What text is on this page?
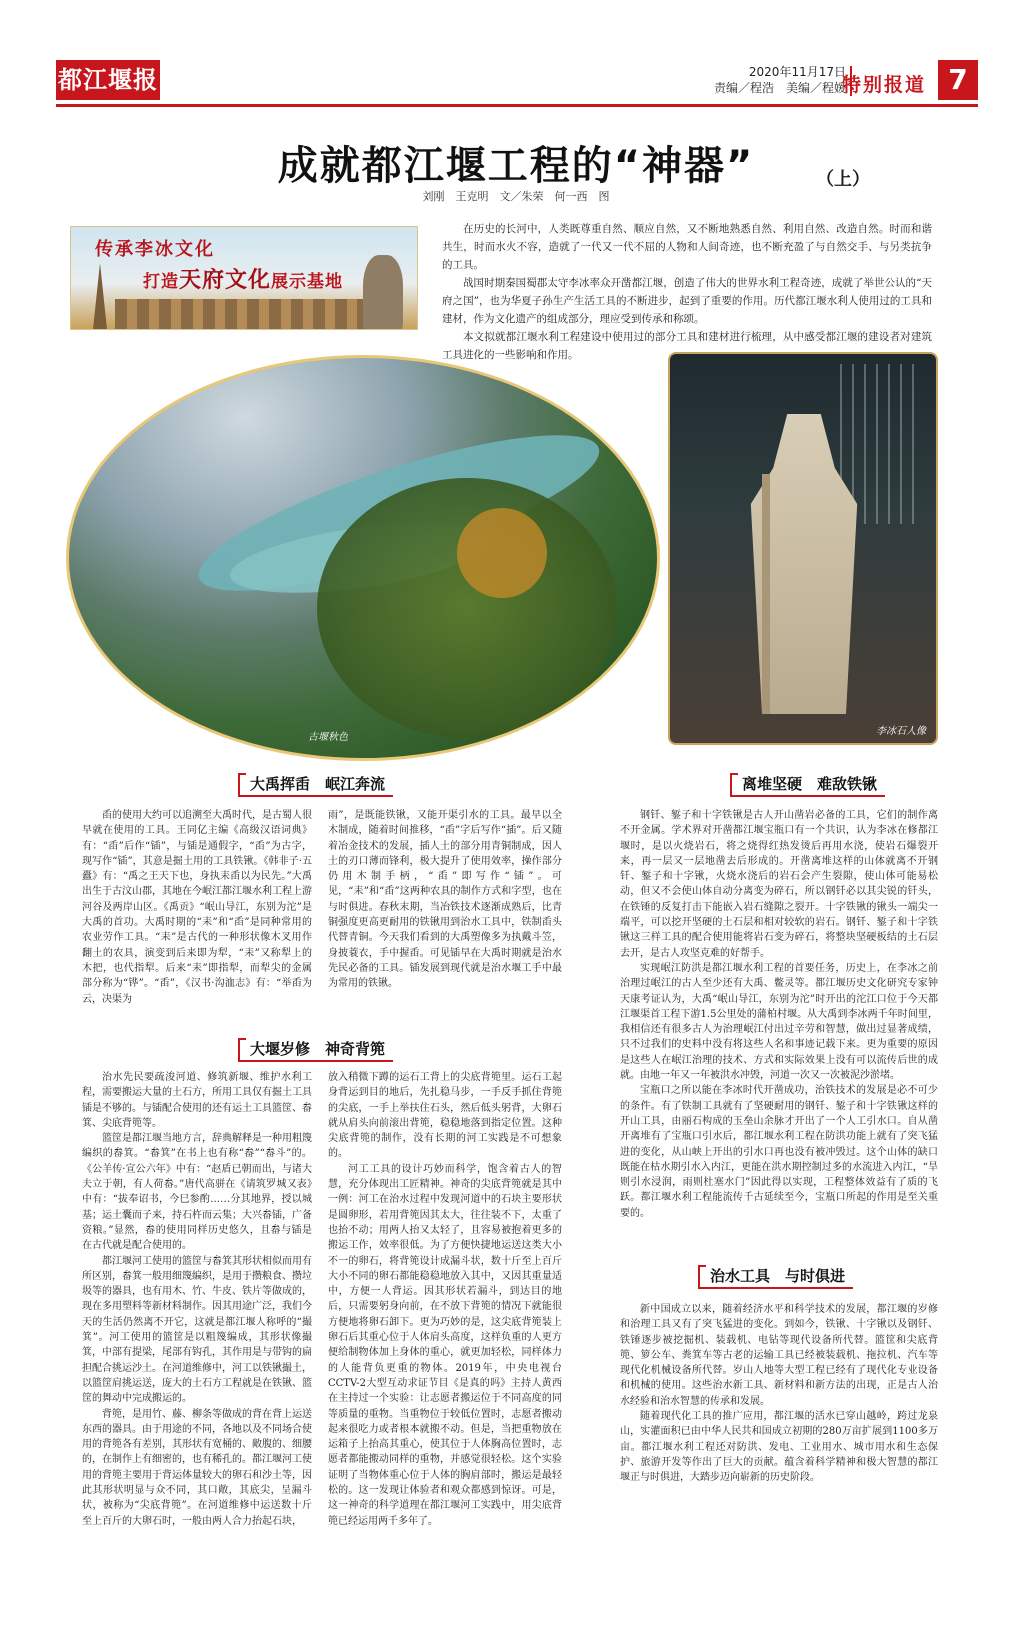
都江堰报	2020年11月17日
责编／程浩　美编／程媛
特别报道 7
成就都江堰工程的“神器”	（上）
刘刚　王克明　文／朱荣　何一西　图
传承李冰文化
打造天府文化展示基地

在历史的长河中，人类既尊重自然、顺应自然，又不断地熟悉自然、利用自然、改造自然。时而和谐共生，时而水火不容，造就了一代又一代不屈的人物和人间奇迹，也不断充盈了与自然交手、与另类抗争的工具。

战国时期秦国蜀郡太守李冰率众开凿都江堰，创造了伟大的世界水利工程奇迹，成就了举世公认的“天府之国”，也为华夏子孙生产生活工具的不断进步，起到了重要的作用。历代都江堰水利人使用过的工具和建材，作为文化遗产的组成部分，理应受到传承和称颂。

本文拟就都江堰水利工程建设中使用过的部分工具和建材进行梳理，从中感受都江堰的建设者对建筑工具进化的一些影响和作用。

古堰秋色
李冰石人像
大禹挥臿　岷江奔流
大堰岁修　神奇背篼
离堆坚硬　难敌铁锹
治水工具　与时俱进

臿的使用大约可以追溯至大禹时代，是古蜀人很早就在使用的工具。王同亿主编《高级汉语词典》有：“臿”后作“锸”，与锸是通假字，“臿”为古字，现写作“锸”，其意是掘土用的工具铁锹。《韩非子·五蠹》有：“禹之王天下也，身执耒臿以为民先。”大禹出生于古汶山郡，其地在今岷江都江堰水利工程上游河谷及两岸山区。《禹贡》“岷山导江，东别为沱”是大禹的首功。大禹时期的“耒”和“臿”是同种常用的农业劳作工具。“耒”是古代的一种形状像木叉用作翻土的农具，演变到后来即为犁，“耒”又称犁上的木把，也代指犁。后来“耒”即指犁，而犁尖的金属部分称为“铧”。“臿”，《汉书·沟洫志》有：“举臿为云，决渠为

雨”，是既能铁锹，又能开渠引水的工具。最早以全木制成，随着时间推移，“臿”字后写作“插”。后又随着冶金技术的发展，插人土的部分用青铜制成，因人土的刃口薄而锋利，极大提升了使用效率，操作部分仍用木制手柄，“臿”即写作“锸”。可见，“耒”和“臿”这两种农具的制作方式和字型，也在与时俱进。春秋末期，当冶铁技术逐渐成熟后，比青铜强度更高更耐用的铁锹用到治水工具中，铁制臿头代替青铜。今天我们看到的大禹塑像多为执戴斗笠，身披蓑衣，手中握臿。可见锸早在大禹时期就是治水先民必备的工具。锸发展到现代就是治水堰工手中最为常用的铁锹。

治水先民要疏浚河道、修筑新堰、维护水利工程，需要搬运大量的土石方，所用工具仅有掘土工具锸是不够的。与锸配合使用的还有运土工具篮筐、畚箕、尖底背篼等。

篮筐是都江堰当地方言，辞典解释是一种用粗篾编织的畚箕。“畚箕”在书上也有称“畚”“畚斗”的。《公羊传·宣公六年》中有：“赵盾已朝而出，与诸大夫立于朝，有人荷畚。”唐代高骈在《请筑罗城又表》中有：“拔奉诏书，今巳参酌……分其地界，授以城基；运土囊而子来，持石杵而云集；大兴畚锸，广备资粮。”显然，畚的使用同样历史悠久，且畚与锸是在古代就是配合使用的。

都江堰河工使用的篮筐与畚箕其形状相似而用有所区别，畚箕一般用细篾编织，是用于攒粮食、攒垃圾等的器具，也有用木、竹、牛皮、铁片等做成的，现在多用塑料等新材料制作。因其用途广泛，我们今天的生活仍然离不开它，这就是都江堰人称呼的“撮箕”。河工使用的篮筐是以粗篾编成，其形状像撮箕，中部有提梁，尾部有钩孔，其作用是与带钩的扁担配合挑运沙土。在河道维修中，河工以铁锹撮土，以篮筐肩挑运送，庞大的土石方工程就是在铁锹、篮筐的舞动中完成搬运的。

背篼，是用竹、藤、柳条等做成的背在背上运送东西的器具。由于用途的不同，各地以及不同场合使用的背篼各有差别，其形状有宽桶的、敞腹的、细腰的，在制作上有细密的，也有稀孔的。都江堰河工使用的背篼主要用于背运体量较大的卵石和沙土等，因此其形状明显与众不同，其口敞，其底尖，呈漏斗状，被称为“尖底背篼”。在河道维修中运送数十斤至上百斤的大卵石时，一般由两人合力抬起石块，

放入稍微下蹲的运石工背上的尖底背篼里。运石工起身背运到目的地后，先扎稳马步，一手反手抓住背篼的尖底，一手上举扶住石头，然后低头躬背，大卵石就从肩头向前滚出背篼，稳稳地落到指定位置。这种尖底背篼的制作，没有长期的河工实践是不可想象的。

河工工具的设计巧妙而科学，饱含着古人的智慧，充分体现出工匠精神。神奇的尖底背篼就是其中一例：河工在治水过程中发现河道中的石块主要形状是圆卵形，若用背篼因其太大，往往装不下，太重了也抬不动；用两人抬又太轻了，且容易被抱着更多的搬运工作，效率很低。为了方便快捷地运送这类大小不一的卵石，将背篼设计成漏斗状，数十斤至上百斤大小不同的卵石都能稳稳地放入其中，又因其重量适中，方便一人背运。因其形状若漏斗，到达目的地后，只需要躬身向前，在不放下背篼的情况下就能很方便地将卵石卸下。更为巧妙的是，这尖底背篼装上卵石后其重心位于人体肩头高度，这样负重的人更方便给制物体加上身体的重心，就更加轻松，同样体力的人能背负更重的物体。2019年，中央电视台CCTV-2大型互动求证节目《是真的吗》主持人黄西在主持过一个实验：让志愿者搬运位于不同高度的同等质量的重物。当重物位于较低位置时，志愿者搬动起来很吃力或者根本就搬不动。但是，当把重物放在运箱子上抬高其重心，使其位于人体胸高位置时，志愿者都能搬动同样的重物，并感觉很轻松。这个实验证明了当物体重心位于人体的胸肩部时，搬运是最轻松的。这一发现让体验者和观众都感到惊讶。可是，这一神奇的科学道理在都江堰河工实践中，用尖底背篼已经运用两千多年了。

钢钎、錾子和十字铁锹是古人开山凿岩必备的工具，它们的制作离不开金属。学术界对开凿都江堰宝瓶口有一个共识，认为李冰在修都江堰时，是以火烧岩石，将之烧得红热发烫后再用水浇，使岩石爆裂开来，再一层又一层地凿去后形成的。开凿离堆这样的山体就离不开钢钎、錾子和十字锹，火烧水浇后的岩石会产生裂隙，使山体可能易松动，但又不会使山体自动分离变为碎石，所以钢钎必以其尖锐的钎头，在铁锤的反复打击下能嵌入岩石缝隙之裂开。十字铁锹的锹头一端尖一端平，可以挖开坚硬的土石层和相对较软的岩石。钢钎、錾子和十字铁锹这三样工具的配合使用能将岩石变为碎石，将整块坚硬板结的土石层去开，是古人攻坚克难的好帮手。

实现岷江防洪是都江堰水利工程的首要任务，历史上，在李冰之前治理过岷江的古人至少还有大禹、鳖灵等。都江堰历史文化研究专家钟天康考证认为，大禹“岷山导江，东别为沱”时开出的沱江口位于今天都江堰渠首工程下游1.5公里处的蒲柏村堰。从大禹到李冰两千年时间里，我相信还有很多古人为治理岷江付出过辛劳和智慧，做出过显著成绩，只不过我们的史料中没有将这些人名和事迹记载下来。更为重要的原因是这些人在岷江治理的技术、方式和实际效果上没有可以流传后世的成就。由地一年又一年被洪水冲毁，河道一次又一次被泥沙淤堵。

宝瓶口之所以能在李冰时代开凿成功，治铁技术的发展是必不可少的条件。有了铁制工具就有了坚硬耐用的钢钎、錾子和十字铁锹这样的开山工具，由丽石构成的玉垒山余脉才开出了一个人工引水口。自从凿开离堆有了宝瓶口引水后，都江堰水利工程在防洪功能上就有了突飞猛进的变化，从山峡上开出的引水口再也没有被冲毁过。这个山体的缺口既能在枯水期引水入内江，更能在洪水期控制过多的水流进入内江，“旱则引水浸润，雨则杜塞水门”因此得以实现，工程整体效益有了质的飞跃。都江堰水利工程能流传千古延续至今，宝瓶口所起的作用是至关重要的。

新中国成立以来，随着经济水平和科学技术的发展，都江堰的岁修和治理工具又有了突飞猛进的变化。到如今，铁锹、十字锹以及钢钎、铁锤逐步被挖掘机、装载机、电钻等现代设备所代替。篮筐和尖底背篼、箩公车、粪箕车等古老的运输工具已经被装载机、拖拉机、汽车等现代化机械设备所代替。岁山人地等大型工程已经有了现代化专业设备和机械的使用。这些治水新工具、新材料和新方法的出现，正是古人治水经验和治水智慧的传承和发展。

随着现代化工具的推广应用，都江堰的活水已穿山越岭，跨过龙泉山，实灌面积已由中华人民共和国成立初期的280万亩扩展到1100多万亩。都江堰水利工程还对防洪、发电、工业用水、城市用水和生态保护、旅游开发等作出了巨大的贡献。蕴含着科学精神和极大智慧的都江堰正与时俱进，大踏步迈向崭新的历史阶段。
